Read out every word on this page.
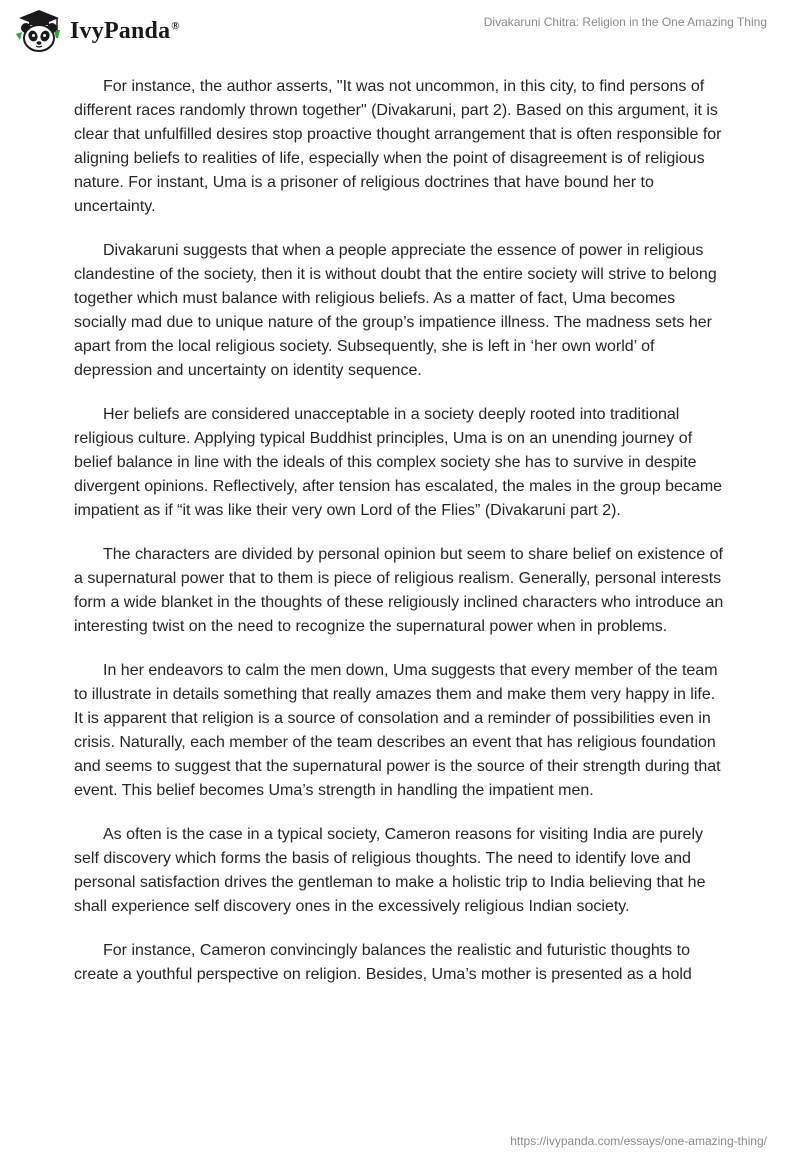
IvyPanda®	Divakaruni Chitra: Religion in the One Amazing Thing

For instance, the author asserts, "It was not uncommon, in this city, to find persons of different races randomly thrown together" (Divakaruni, part 2). Based on this argument, it is clear that unfulfilled desires stop proactive thought arrangement that is often responsible for aligning beliefs to realities of life, especially when the point of disagreement is of religious nature. For instant, Uma is a prisoner of religious doctrines that have bound her to uncertainty.

Divakaruni suggests that when a people appreciate the essence of power in religious clandestine of the society, then it is without doubt that the entire society will strive to belong together which must balance with religious beliefs. As a matter of fact, Uma becomes socially mad due to unique nature of the group’s impatience illness. The madness sets her apart from the local religious society. Subsequently, she is left in ‘her own world’ of depression and uncertainty on identity sequence.

Her beliefs are considered unacceptable in a society deeply rooted into traditional religious culture. Applying typical Buddhist principles, Uma is on an unending journey of belief balance in line with the ideals of this complex society she has to survive in despite divergent opinions. Reflectively, after tension has escalated, the males in the group became impatient as if “it was like their very own Lord of the Flies” (Divakaruni part 2).

The characters are divided by personal opinion but seem to share belief on existence of a supernatural power that to them is piece of religious realism. Generally, personal interests form a wide blanket in the thoughts of these religiously inclined characters who introduce an interesting twist on the need to recognize the supernatural power when in problems.

In her endeavors to calm the men down, Uma suggests that every member of the team to illustrate in details something that really amazes them and make them very happy in life. It is apparent that religion is a source of consolation and a reminder of possibilities even in crisis. Naturally, each member of the team describes an event that has religious foundation and seems to suggest that the supernatural power is the source of their strength during that event. This belief becomes Uma’s strength in handling the impatient men.

As often is the case in a typical society, Cameron reasons for visiting India are purely self discovery which forms the basis of religious thoughts. The need to identify love and personal satisfaction drives the gentleman to make a holistic trip to India believing that he shall experience self discovery ones in the excessively religious Indian society.

For instance, Cameron convincingly balances the realistic and futuristic thoughts to create a youthful perspective on religion. Besides, Uma’s mother is presented as a hold

https://ivypanda.com/essays/one-amazing-thing/
